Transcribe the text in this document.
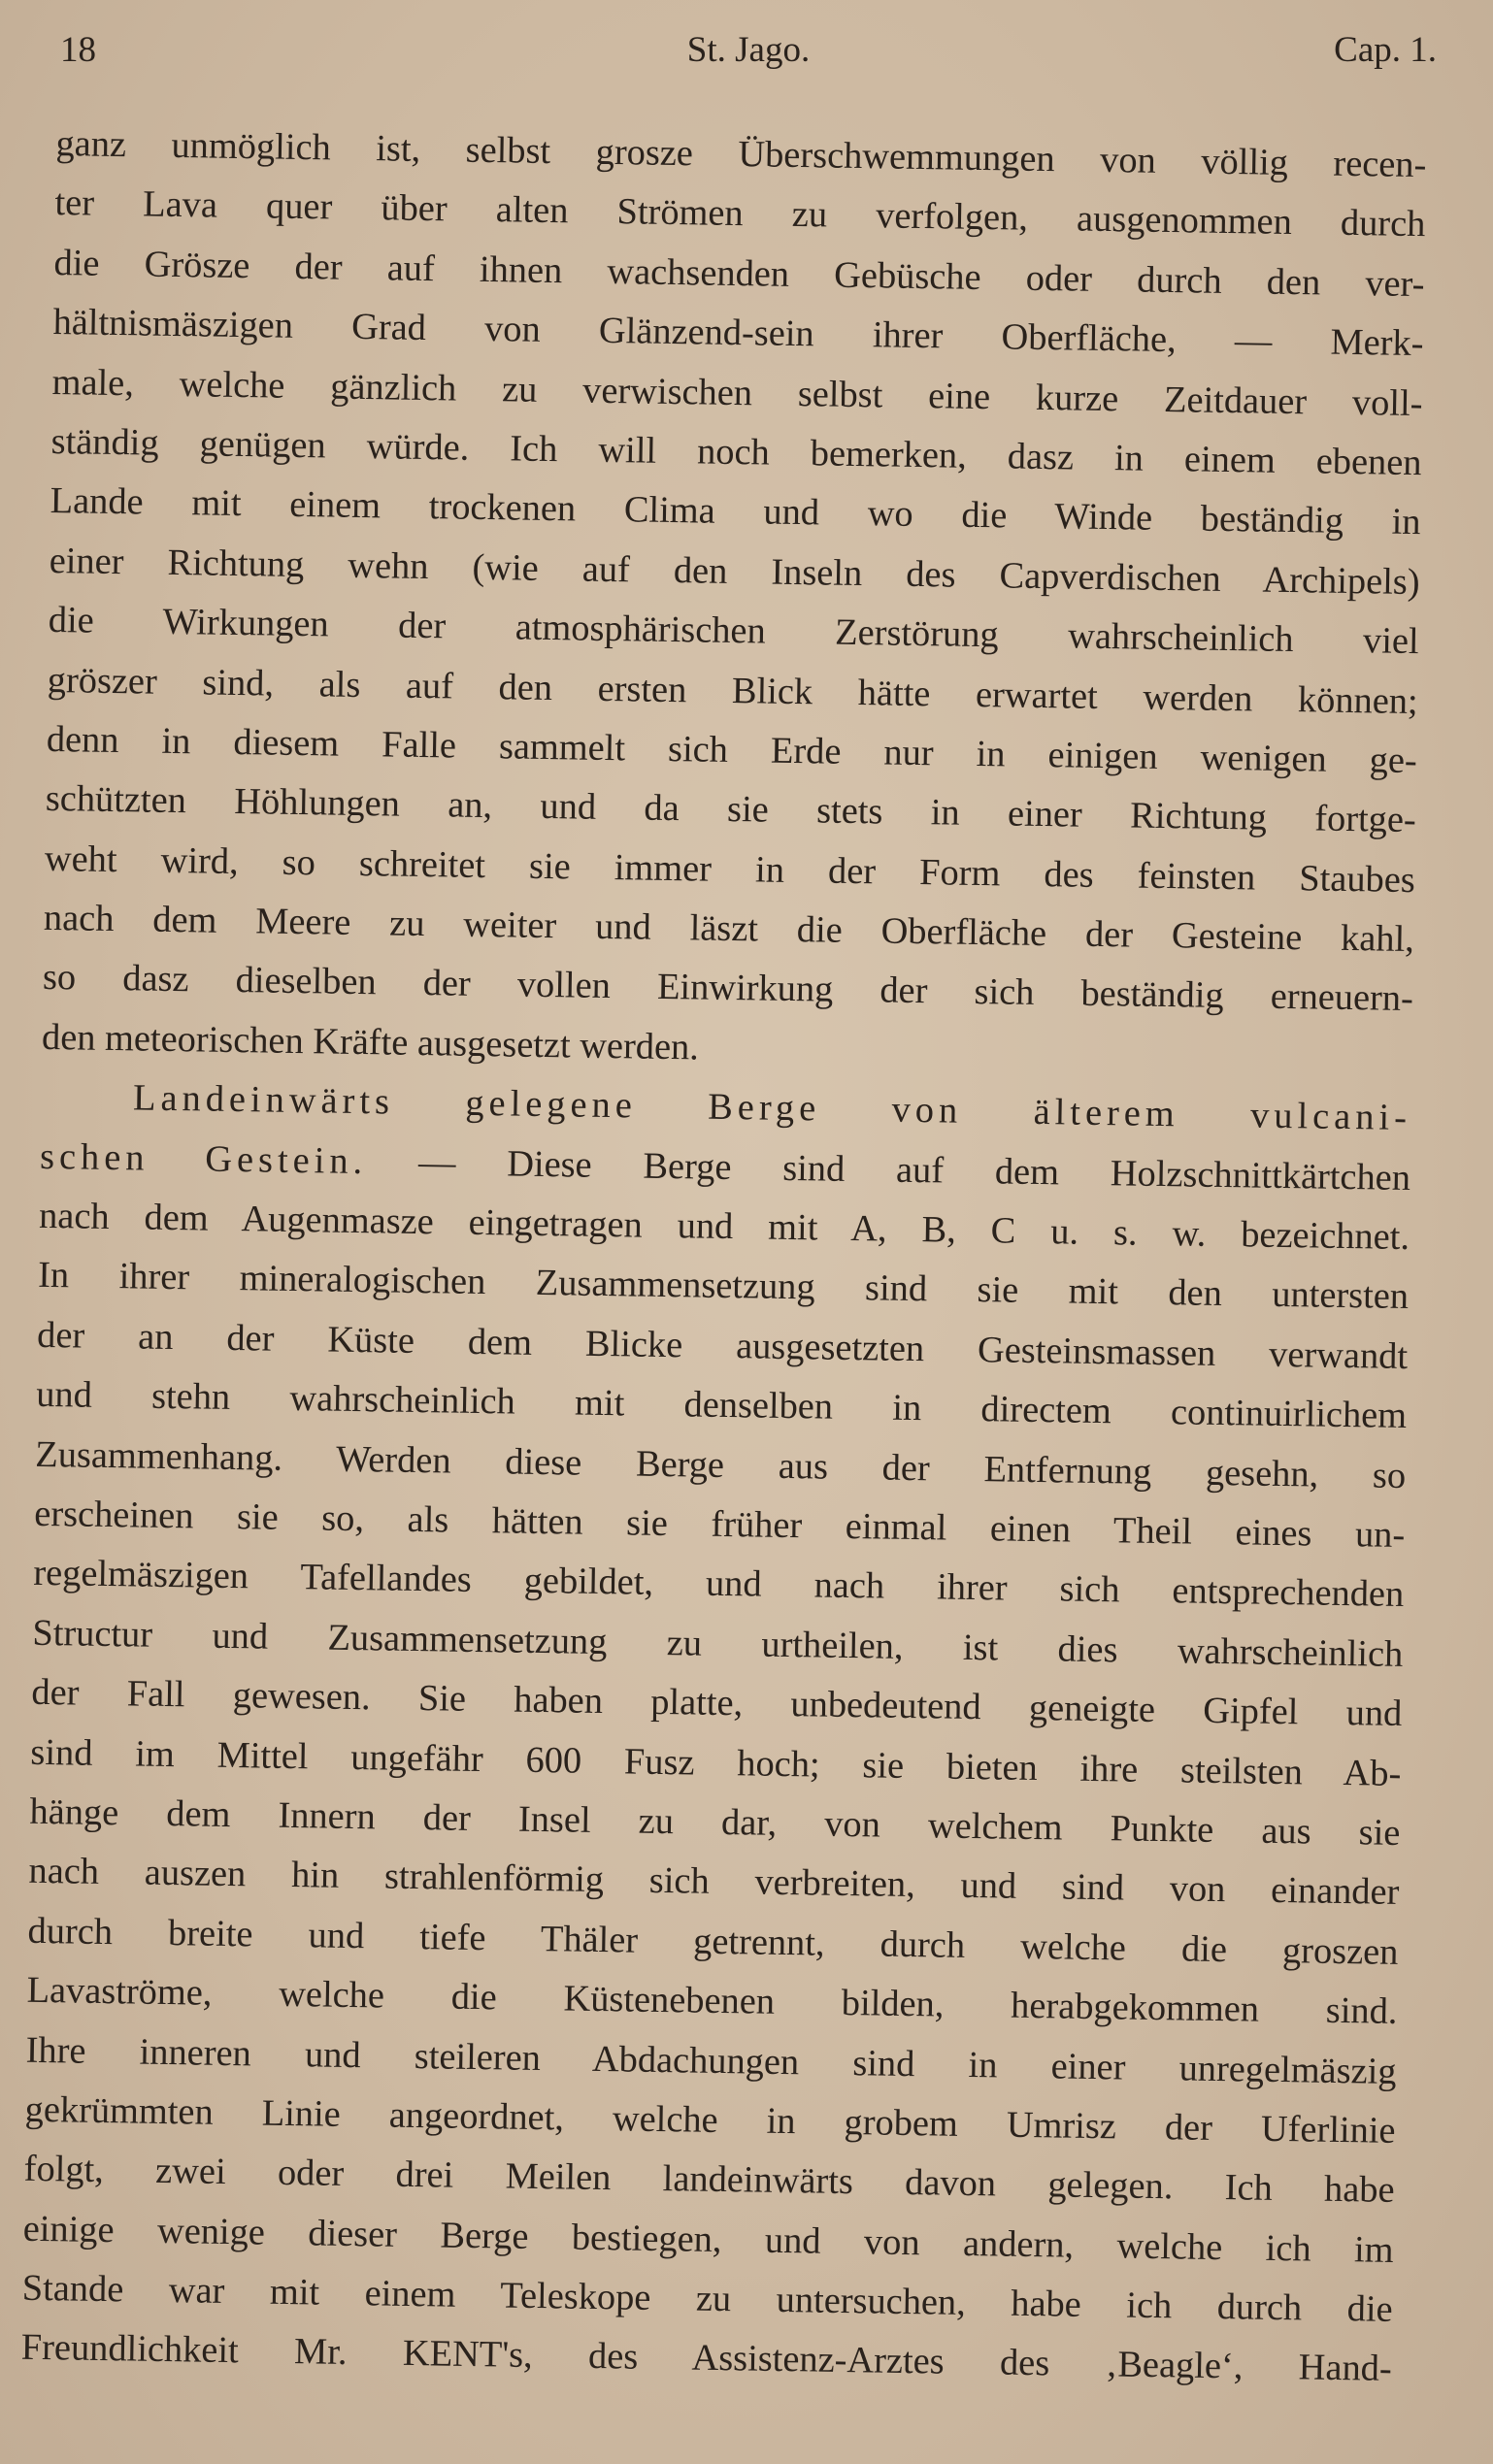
18	St. Jago.	Cap. 1.
ganz unmöglich ist, selbst grosze Überschwemmungen von völlig recen-
ter Lava quer über alten Strömen zu verfolgen, ausgenommen durch
die Grösze der auf ihnen wachsenden Gebüsche oder durch den ver-
hältnismäszigen Grad von Glänzend-sein ihrer Oberfläche, — Merk-
male, welche gänzlich zu verwischen selbst eine kurze Zeitdauer voll-
ständig genügen würde. Ich will noch bemerken, dasz in einem ebenen
Lande mit einem trockenen Clima und wo die Winde beständig in
einer Richtung wehn (wie auf den Inseln des Capverdischen Archipels)
die Wirkungen der atmosphärischen Zerstörung wahrscheinlich viel
gröszer sind, als auf den ersten Blick hätte erwartet werden können;
denn in diesem Falle sammelt sich Erde nur in einigen wenigen ge-
schützten Höhlungen an, und da sie stets in einer Richtung fortge-
weht wird, so schreitet sie immer in der Form des feinsten Staubes
nach dem Meere zu weiter und läszt die Oberfläche der Gesteine kahl,
so dasz dieselben der vollen Einwirkung der sich beständig erneuern-
den meteorischen Kräfte ausgesetzt werden.
Landeinwärts gelegene Berge von älterem vulcani-
schen Gestein. — Diese Berge sind auf dem Holzschnittkärtchen
nach dem Augenmasze eingetragen und mit A, B, C u. s. w. bezeichnet.
In ihrer mineralogischen Zusammensetzung sind sie mit den untersten
der an der Küste dem Blicke ausgesetzten Gesteinsmassen verwandt
und stehn wahrscheinlich mit denselben in directem continuirlichem
Zusammenhang. Werden diese Berge aus der Entfernung gesehn, so
erscheinen sie so, als hätten sie früher einmal einen Theil eines un-
regelmäszigen Tafellandes gebildet, und nach ihrer sich entsprechenden
Structur und Zusammensetzung zu urtheilen, ist dies wahrscheinlich
der Fall gewesen. Sie haben platte, unbedeutend geneigte Gipfel und
sind im Mittel ungefähr 600 Fusz hoch; sie bieten ihre steilsten Ab-
hänge dem Innern der Insel zu dar, von welchem Punkte aus sie
nach auszen hin strahlenförmig sich verbreiten, und sind von einander
durch breite und tiefe Thäler getrennt, durch welche die groszen
Lavaströme, welche die Küstenebenen bilden, herabgekommen sind.
Ihre inneren und steileren Abdachungen sind in einer unregelmäszig
gekrümmten Linie angeordnet, welche in grobem Umrisz der Uferlinie
folgt, zwei oder drei Meilen landeinwärts davon gelegen. Ich habe
einige wenige dieser Berge bestiegen, und von andern, welche ich im
Stande war mit einem Teleskope zu untersuchen, habe ich durch die
Freundlichkeit Mr. KENT's, des Assistenz-Arztes des ‚Beagle‘, Hand-
